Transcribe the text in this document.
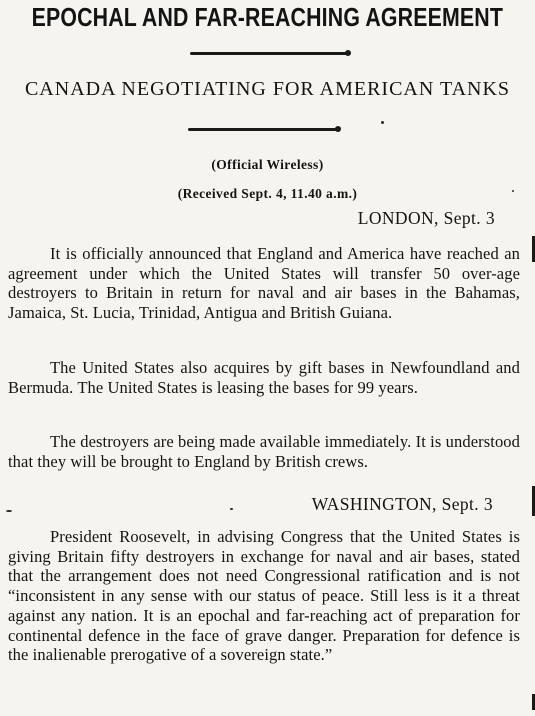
EPOCHAL AND FAR-REACHING AGREEMENT
CANADA NEGOTIATING FOR AMERICAN TANKS
(Official Wireless)
(Received Sept. 4, 11.40 a.m.)
LONDON, Sept. 3

It is officially announced that England and America have reached an agreement under which the United States will transfer 50 over-age destroyers to Britain in return for naval and air bases in the Bahamas, Jamaica, St. Lucia, Trinidad, Antigua and British Guiana.

The United States also acquires by gift bases in Newfoundland and Bermuda. The United States is leasing the bases for 99 years.

The destroyers are being made available immediately. It is understood that they will be brought to England by British crews.

WASHINGTON, Sept. 3

President Roosevelt, in advising Congress that the United States is giving Britain fifty destroyers in exchange for naval and air bases, stated that the arrangement does not need Congressional ratification and is not “inconsistent in any sense with our status of peace. Still less is it a threat against any nation. It is an epochal and far-reaching act of preparation for continental defence in the face of grave danger. Preparation for defence is the inalienable prerogative of a sovereign state.”
